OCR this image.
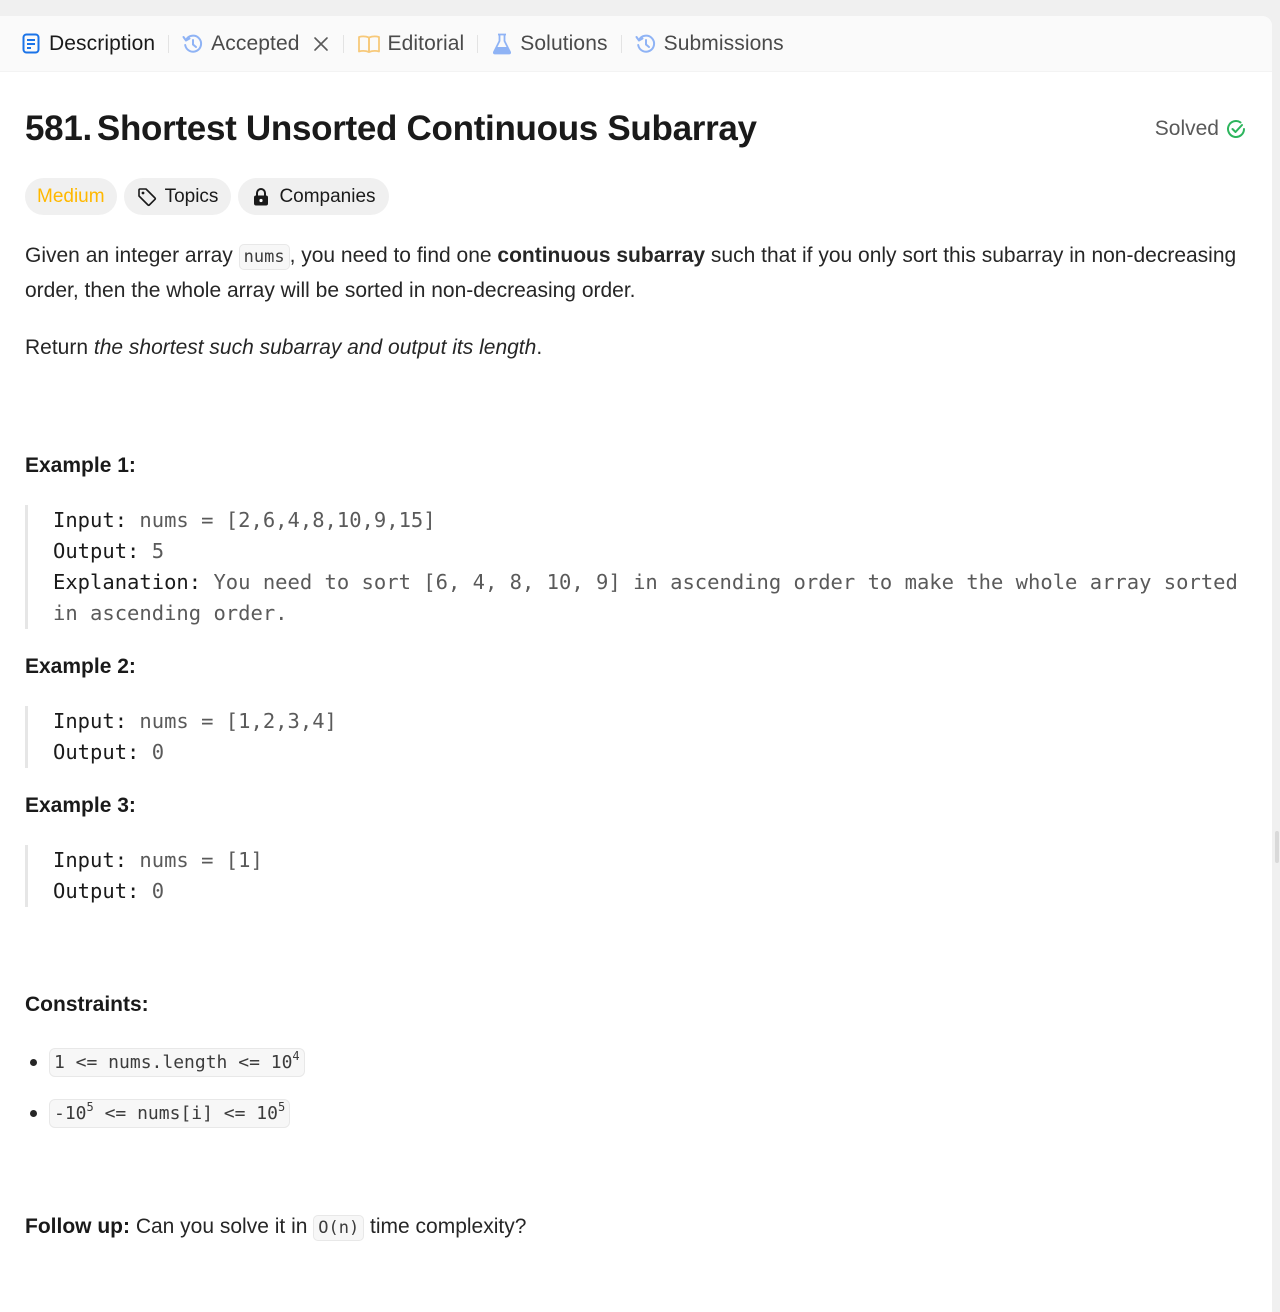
Description	Accepted	Editorial	Solutions	Submissions
581. Shortest Unsorted Continuous Subarray	Solved
Medium	Topics	Companies

Given an integer array nums , you need to find one continuous subarray such that if you only sort this subarray in non-decreasing order, then the whole array will be sorted in non-decreasing order.

Return the shortest such subarray and output its length.

Example 1:
Input: nums = [2,6,4,8,10,9,15]
Output: 5
Explanation: You need to sort [6, 4, 8, 10, 9] in ascending order to make the whole array sorted in ascending order.
Example 2:
Input: nums = [1,2,3,4]
Output: 0
Example 3:
Input: nums = [1]
Output: 0
Constraints:
1 <= nums.length <= $10^4$
$-10^5$ <= nums[i] <= $10^5$
Follow up: Can you solve it in O(n) time complexity?
